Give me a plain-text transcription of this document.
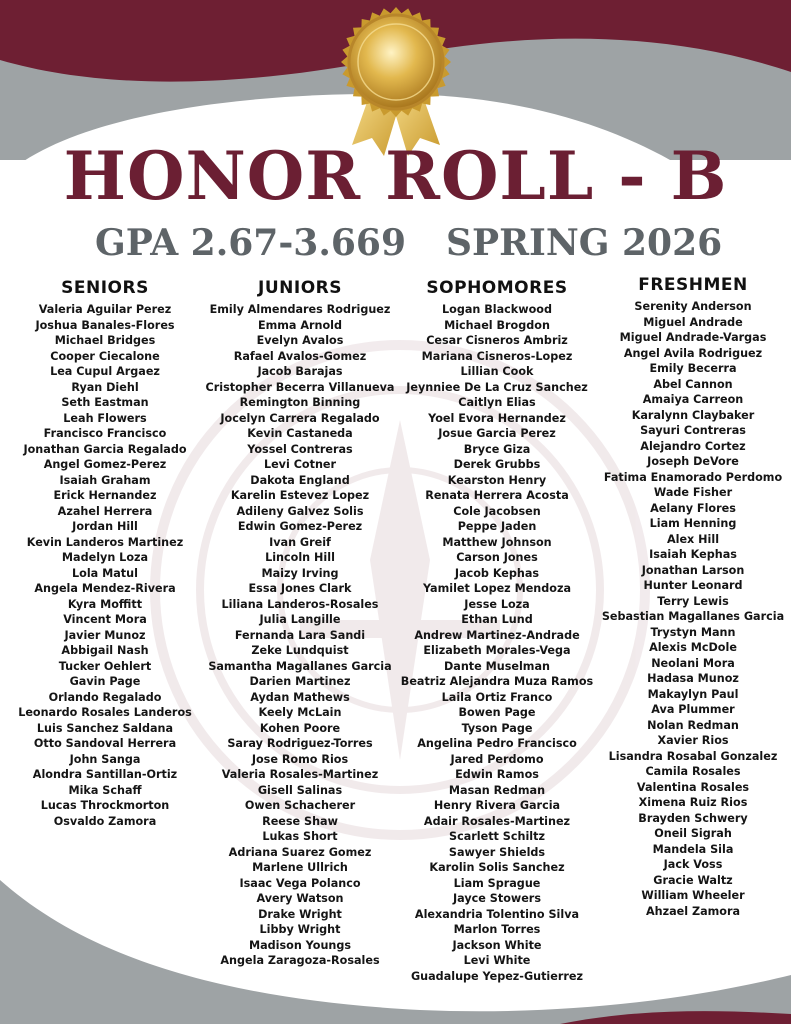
HONOR ROLL - B
GPA 2.67-3.669 SPRING 2026
SENIORS
Valeria Aguilar Perez
Joshua Banales-Flores
Michael Bridges
Cooper Ciecalone
Lea Cupul Argaez
Ryan Diehl
Seth Eastman
Leah Flowers
Francisco Francisco
Jonathan Garcia Regalado
Angel Gomez-Perez
Isaiah Graham
Erick Hernandez
Azahel Herrera
Jordan Hill
Kevin Landeros Martinez
Madelyn Loza
Lola Matul
Angela Mendez-Rivera
Kyra Moffitt
Vincent Mora
Javier Munoz
Abbigail Nash
Tucker Oehlert
Gavin Page
Orlando Regalado
Leonardo Rosales Landeros
Luis Sanchez Saldana
Otto Sandoval Herrera
John Sanga
Alondra Santillan-Ortiz
Mika Schaff
Lucas Throckmorton
Osvaldo Zamora
JUNIORS
Emily Almendares Rodriguez
Emma Arnold
Evelyn Avalos
Rafael Avalos-Gomez
Jacob Barajas
Cristopher Becerra Villanueva
Remington Binning
Jocelyn Carrera Regalado
Kevin Castaneda
Yossel Contreras
Levi Cotner
Dakota England
Karelin Estevez Lopez
Adileny Galvez Solis
Edwin Gomez-Perez
Ivan Greif
Lincoln Hill
Maizy Irving
Essa Jones Clark
Liliana Landeros-Rosales
Julia Langille
Fernanda Lara Sandi
Zeke Lundquist
Samantha Magallanes Garcia
Darien Martinez
Aydan Mathews
Keely McLain
Kohen Poore
Saray Rodriguez-Torres
Jose Romo Rios
Valeria Rosales-Martinez
Gisell Salinas
Owen Schacherer
Reese Shaw
Lukas Short
Adriana Suarez Gomez
Marlene Ullrich
Isaac Vega Polanco
Avery Watson
Drake Wright
Libby Wright
Madison Youngs
Angela Zaragoza-Rosales
SOPHOMORES
Logan Blackwood
Michael Brogdon
Cesar Cisneros Ambriz
Mariana Cisneros-Lopez
Lillian Cook
Jeynniee De La Cruz Sanchez
Caitlyn Elias
Yoel Evora Hernandez
Josue Garcia Perez
Bryce Giza
Derek Grubbs
Kearston Henry
Renata Herrera Acosta
Cole Jacobsen
Peppe Jaden
Matthew Johnson
Carson Jones
Jacob Kephas
Yamilet Lopez Mendoza
Jesse Loza
Ethan Lund
Andrew Martinez-Andrade
Elizabeth Morales-Vega
Dante Muselman
Beatriz Alejandra Muza Ramos
Laila Ortiz Franco
Bowen Page
Tyson Page
Angelina Pedro Francisco
Jared Perdomo
Edwin Ramos
Masan Redman
Henry Rivera Garcia
Adair Rosales-Martinez
Scarlett Schiltz
Sawyer Shields
Karolin Solis Sanchez
Liam Sprague
Jayce Stowers
Alexandria Tolentino Silva
Marlon Torres
Jackson White
Levi White
Guadalupe Yepez-Gutierrez
FRESHMEN
Serenity Anderson
Miguel Andrade
Miguel Andrade-Vargas
Angel Avila Rodriguez
Emily Becerra
Abel Cannon
Amaiya Carreon
Karalynn Claybaker
Sayuri Contreras
Alejandro Cortez
Joseph DeVore
Fatima Enamorado Perdomo
Wade Fisher
Aelany Flores
Liam Henning
Alex Hill
Isaiah Kephas
Jonathan Larson
Hunter Leonard
Terry Lewis
Sebastian Magallanes Garcia
Trystyn Mann
Alexis McDole
Neolani Mora
Hadasa Munoz
Makaylyn Paul
Ava Plummer
Nolan Redman
Xavier Rios
Lisandra Rosabal Gonzalez
Camila Rosales
Valentina Rosales
Ximena Ruiz Rios
Brayden Schwery
Oneil Sigrah
Mandela Sila
Jack Voss
Gracie Waltz
William Wheeler
Ahzael Zamora
